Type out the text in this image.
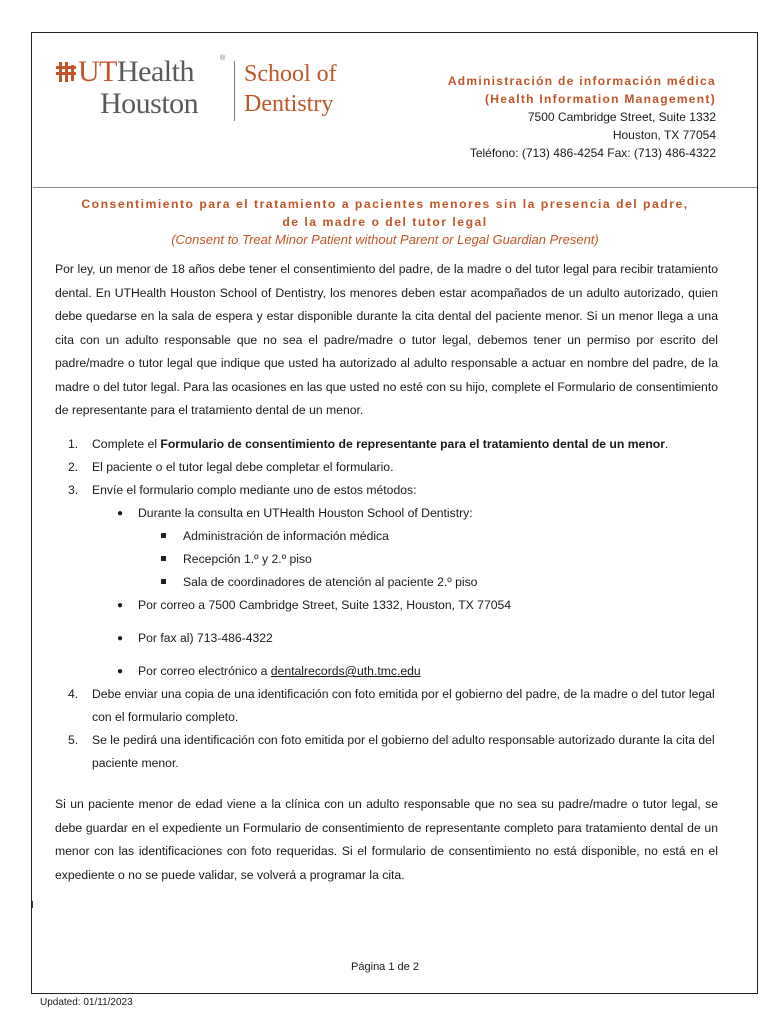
UTHealth	®
Houston
School of
Dentistry
Administración de información médica
(Health Information Management)
7500 Cambridge Street, Suite 1332
Houston, TX 77054
Teléfono: (713) 486-4254 Fax: (713) 486-4322
Consentimiento para el tratamiento a pacientes menores sin la presencia del padre,
de la madre o del tutor legal
(Consent to Treat Minor Patient without Parent or Legal Guardian Present)
Por ley, un menor de 18 años debe tener el consentimiento del padre, de la madre o del tutor legal para recibir tratamiento dental. En UTHealth Houston School of Dentistry, los menores deben estar acompañados de un adulto autorizado, quien debe quedarse en la sala de espera y estar disponible durante la cita dental del paciente menor. Si un menor llega a una cita con un adulto responsable que no sea el padre/madre o tutor legal, debemos tener un permiso por escrito del padre/madre o tutor legal que indique que usted ha autorizado al adulto responsable a actuar en nombre del padre, de la madre o del tutor legal. Para las ocasiones en las que usted no esté con su hijo, complete el Formulario de consentimiento de representante para el tratamiento dental de un menor.
1. Complete el Formulario de consentimiento de representante para el tratamiento dental de un menor.
2. El paciente o el tutor legal debe completar el formulario.
3. Envíe el formulario complo mediante uno de estos métodos:
● Durante la consulta en UTHealth Houston School of Dentistry:
Administración de información médica
Recepción 1.º y 2.º piso
Sala de coordinadores de atención al paciente 2.º piso
● Por correo a 7500 Cambridge Street, Suite 1332, Houston, TX 77054
● Por fax al) 713-486-4322
● Por correo electrónico a dentalrecords@uth.tmc.edu
4. Debe enviar una copia de una identificación con foto emitida por el gobierno del padre, de la madre o del tutor legal con el formulario completo.
5. Se le pedirá una identificación con foto emitida por el gobierno del adulto responsable autorizado durante la cita del paciente menor.
Si un paciente menor de edad viene a la clínica con un adulto responsable que no sea su padre/madre o tutor legal, se debe guardar en el expediente un Formulario de consentimiento de representante completo para tratamiento dental de un menor con las identificaciones con foto requeridas. Si el formulario de consentimiento no está disponible, no está en el expediente o no se puede validar, se volverá a programar la cita.
I
Página 1 de 2
Updated: 01/11/2023
